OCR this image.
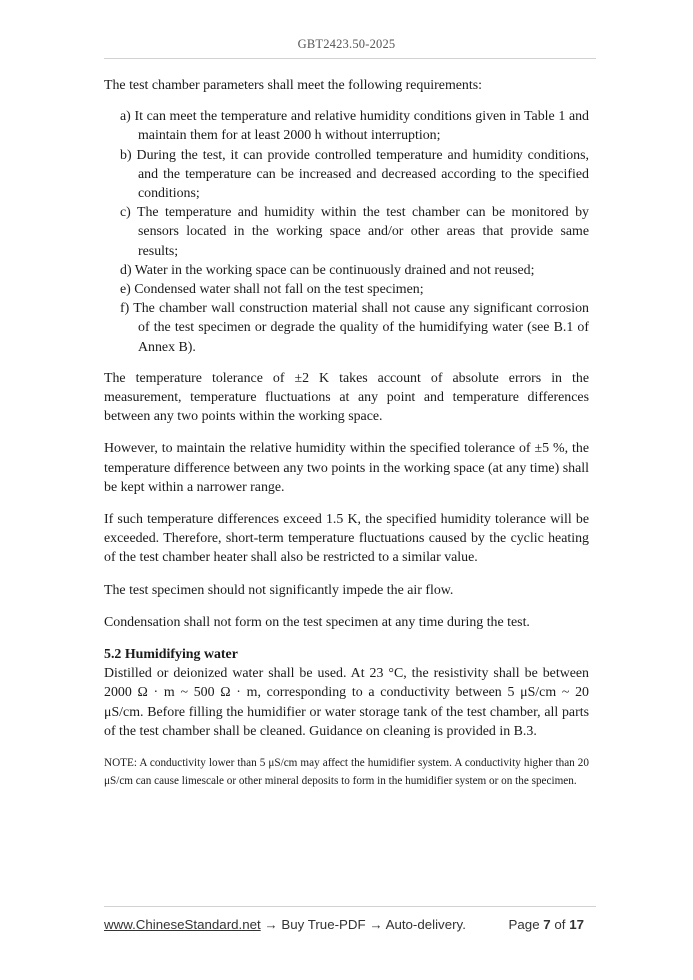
GBT2423.50-2025

The test chamber parameters shall meet the following requirements:

a) It can meet the temperature and relative humidity conditions given in Table 1 and maintain them for at least 2000 h without interruption;

b) During the test, it can provide controlled temperature and humidity conditions, and the temperature can be increased and decreased according to the specified conditions;

c) The temperature and humidity within the test chamber can be monitored by sensors located in the working space and/or other areas that provide same results;

d) Water in the working space can be continuously drained and not reused;

e) Condensed water shall not fall on the test specimen;

f) The chamber wall construction material shall not cause any significant corrosion of the test specimen or degrade the quality of the humidifying water (see B.1 of Annex B).

The temperature tolerance of ±2 K takes account of absolute errors in the measurement, temperature fluctuations at any point and temperature differences between any two points within the working space.

However, to maintain the relative humidity within the specified tolerance of ±5 %, the temperature difference between any two points in the working space (at any time) shall be kept within a narrower range.

If such temperature differences exceed 1.5 K, the specified humidity tolerance will be exceeded. Therefore, short-term temperature fluctuations caused by the cyclic heating of the test chamber heater shall also be restricted to a similar value.

The test specimen should not significantly impede the air flow.

Condensation shall not form on the test specimen at any time during the test.

5.2 Humidifying water

Distilled or deionized water shall be used. At 23 °C, the resistivity shall be between 2000 Ω · m ~ 500 Ω · m, corresponding to a conductivity between 5 μS/cm ~ 20 μS/cm. Before filling the humidifier or water storage tank of the test chamber, all parts of the test chamber shall be cleaned. Guidance on cleaning is provided in B.3.

NOTE: A conductivity lower than 5 μS/cm may affect the humidifier system. A conductivity higher than 20 μS/cm can cause limescale or other mineral deposits to form in the humidifier system or on the specimen.

www.ChineseStandard.net → Buy True-PDF → Auto-delivery.	Page 7 of 17
